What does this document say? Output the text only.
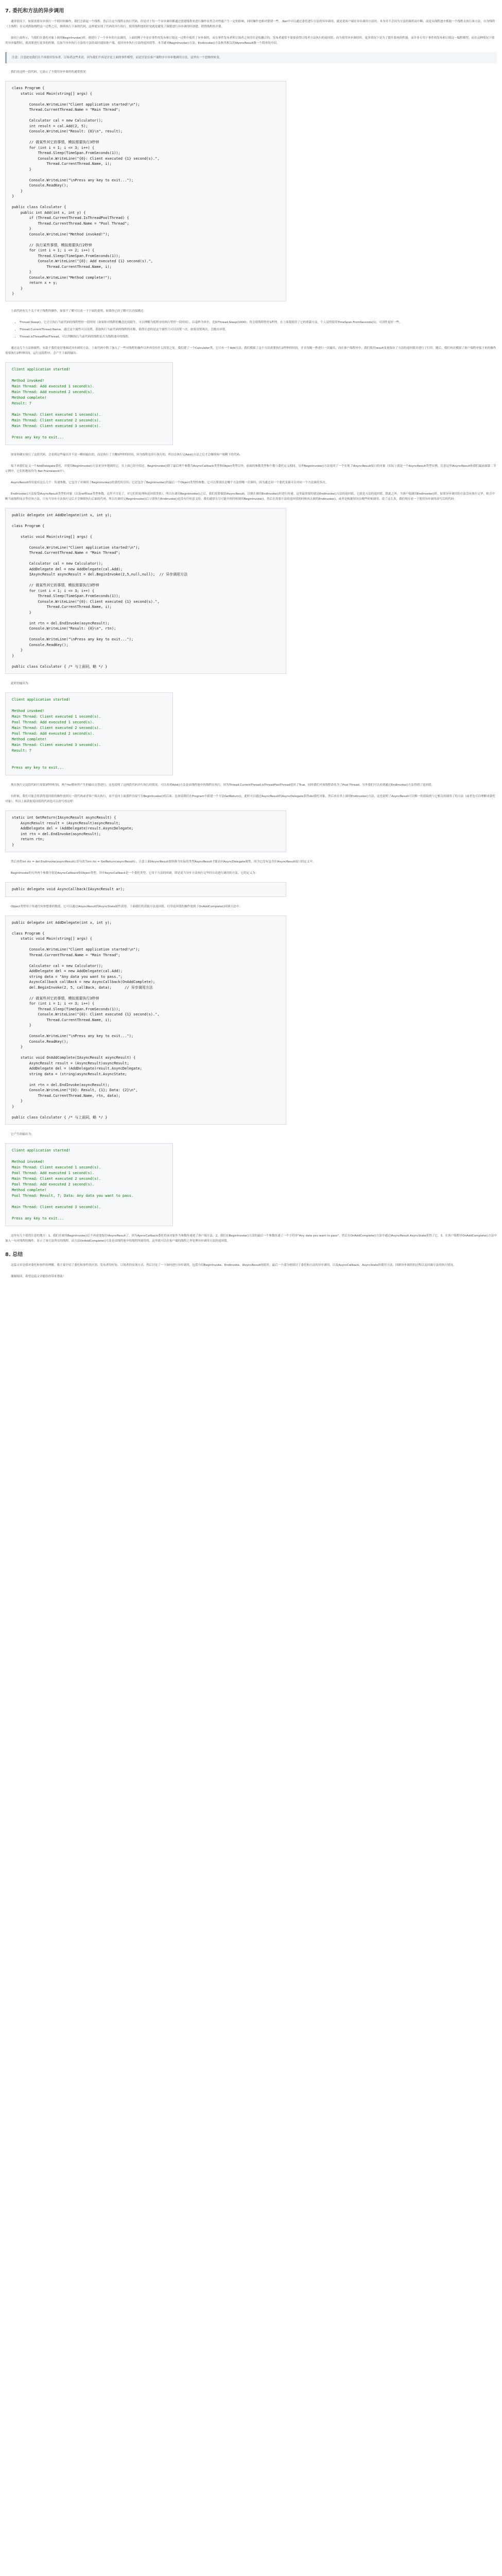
7. 委托和方法的异步调用

通常情况下，如果需要异步执行一个耗时的操作，我们会新起一个线程，然后让这个线程去执行代码。但是对于每一个异步调用都通过创建线程来进行操作显然会对性能产生一定的影响，同时操作也相对繁琐一些。.Net中可以通过委托进行方法的异步调用，就是说客户端在异步调用方法时，本身并不会因为方法的调用而中断，而是从线程池中抓取一个线程去执行该方法，自身线程（主线程）在完成抓取线程这一过程之后，继续执行下面的代码，这样就实现了代码的并行执行。使用线程池的好处就是避免了频繁进行异步调用时创建、销毁线程的开销。

如同上面所示，当我们在委托对象上调用BeginInvoke()时，便进行了一个异步的方法调用。上面的例子中是在事件的发布和订阅这一过程中使用了异步调用，而在事件发布者和订阅者之间往往是松耦合的，发布者通常不需要获得订阅者方法执行的返回值；而当使用异步调用时，更多情况下是为了提升系统的性能，而并非专用于事件的发布和订阅这一编程模型。而在这种情况下使用异步编程时，就需要进行更多的控制，比如当异步执行方法的方法结束时通知客户端、返回异步执行方法的返回值等。本节就对BeginInvoke()方法、EndInvoke()方法和其相关的IAysncResult做一个简单的介绍。

注意：注意此处我们在不再使用发布者、订阅者这些术语，因为我们不再是讨论上面的事件模型，而是讨论在客户端程序中异步地调用方法，这里有一个思维的转变。

我们看这样一段代码，它演示了不使用异步调用的通常情况：

class Program {
static void Main(string[] args) {

Console.WriteLine("Client application started!\n");
Thread.CurrentThread.Name = "Main Thread";

Calculator cal = new Calculator();
int result = cal.Add(2, 5);
Console.WriteLine("Result: {0}\n", result);

// 做某些其它的事情，模拟需要执行3秒钟
for (int i = 1; i <= 3; i++) {
Thread.Sleep(TimeSpan.FromSeconds(1));
Console.WriteLine("{0}: Client executed {1} second(s).",
Thread.CurrentThread.Name, i);
}

Console.WriteLine("\nPress any key to exit...");
Console.ReadKey();
}
}

public class Calculator {
public int Add(int x, int y) {
if (Thread.CurrentThread.IsThreadPoolThread) {
Thread.CurrentThread.Name = "Pool Thread";
}
Console.WriteLine("Method invoked!");

// 执行某些事情，模拟需要执行2秒钟
for (int i = 1; i <= 2; i++) {
Thread.Sleep(TimeSpan.FromSeconds(1));
Console.WriteLine("{0}: Add executed {1} second(s).",
Thread.CurrentThread.Name, i);
}
Console.WriteLine("Method complete!");
return x + y;
}
}

上面代码有几个关于对于线程的操作，如果不了解可以看一下下面的说明，如果你已经了解可以直接跳过：

• Thread.Sleep()，它会让执行当前代码的线程暂停一段时间（如果你对线程的概念比较陌生，可以理解为使程序的执行暂停一段时间），以毫秒为单位，比如Thread.Sleep(1000)；将会使线程暂停1秒钟。在上面我使用了它的重载方法，个人觉得使用TimeSpan.FromSeconds(1)，可读性更好一些。
• Thread.CurrentThread.Name，通过这个属性可以设置、获取执行当前代码的线程的名称，值得注意的是这个属性只可以设置一次，如果设置两次，会抛出异常。
• Thread.IsThreadPoolThread，可以判断执行当前代码的线程是否为线程池中的线程。

通过这几个方法和属性，有助于我们更好地调试异步调用方法。上面代码中除了加入了一些对线程的操作以外再没有什么特别之处。我们建了一个Calculator类，它只有一个Add方法，我们模拟了这个方法需要执行2秒钟的时间，并且每隔一秒进行一次输出。而在客户端程序中，我们使用result变量保存了方法的返回值并进行了打印。随后，我们再次模拟了客户端程序接下来的操作需要执行2秒钟时间。运行这段程序，会产生下面的输出：

Client application started!

Method invoked!
Main Thread: Add executed 1 second(s).
Main Thread: Add executed 2 second(s).
Method complete!
Result: 7

Main Thread: Client executed 1 second(s).
Main Thread: Client executed 2 second(s).
Main Thread: Client executed 3 second(s).

Press any key to exit...

如果你确实执行了这段代码，会看到这些输出并不是一瞬间输出的，而是执行了大概5秒钟的时间，因为线程是串行执行的，所以在执行完Add()方法之后才会继续客户端剩下的代码。

接下来我们定义一个AddDelegate委托，并使用BeginInvoke()方法来异步地调用它。在上面已经介绍过，BeginInvoke()除了最后两个参数为AsyncCallback类型和Object类型以外，前面的参数类型和个数与委托定义相同。另外BeginInvoke()方法返回了一个实现了IAsyncResult接口的对象（实际上就是一个AsyncResult类型实例，注意这里IAsyncResult和我们最前面第二节示例中，它们的地址均为 Net Framework中）。

AsyncResult的用途有这么几个：传递参数，它包含了对调用了BeginInvoke()的委托的引用；它还包含了BeginInvoke()的最后一个Object类型的参数；它可以鉴别出是哪个方法的哪一次调用，因为通过同一个委托变量可以对同一个方法调用多次。

EndInvoke()方法接受IAsyncResult类型的对象（以及ref和out类型参数，这里不讨论了，对它们的处理和返回值类似），所以在调用BeginInvoke()之后，我们需要保留IAsyncResult，以便在调用EndInvoke()时进行传递。这里最重要的就是EndInvoke()方法的返回值，它就是方法的返回值。除此之外，当客户端调用EndInvoke()时，如果异步调用的方法没有执行完毕，则会中断当前线程而去等待该方法，只有当异步方法执行完后才会继续执行后面的代码。所以在调用完BeginInvoke()后立即执行EndInvoke()是没有任何意义的。我们通常在尽可能早的时候调用BeginInvoke()，然后在需要方法的返回值的时候再去调用EndInvoke()，或者是根据情况在晚些时候调用。说了这么多，我们现在看一下使用异步调用改写后的代码：

public delegate int AddDelegate(int x, int y);

class Program {

static void Main(string[] args) {

Console.WriteLine("Client application started!\n");
Thread.CurrentThread.Name = "Main Thread";

Calculator cal = new Calculator();
AddDelegate del = new AddDelegate(cal.Add);
IAsyncResult asyncResult = del.BeginInvoke(2,5,null,null);  // 异步调用方法

// 做某些其它的事情，模拟需要执行3秒钟
for (int i = 1; i <= 3; i++) {
Thread.Sleep(TimeSpan.FromSeconds(1));
Console.WriteLine("{0}: Client executed {1} second(s).",
Thread.CurrentThread.Name, i);
}

int rtn = del.EndInvoke(asyncResult);
Console.WriteLine("Result: {0}\n", rtn);

Console.WriteLine("\nPress any key to exit...");
Console.ReadKey();
}
}

public class Calculator { /* 与上面同，略 */ }

此时的输出为：

Client application started!

Method invoked!
Main Thread: Client executed 1 second(s).
Pool Thread: Add executed 1 second(s).
Main Thread: Client executed 2 second(s).
Pool Thread: Add executed 2 second(s).
Method complete!
Main Thread: Client executed 3 second(s).
Result: 7

Press any key to exit...

现在执行完这段代码只需要3秒钟时间，两个for循环所产生的输出交替进行，这也说明了这两段代码并行执行的情况。可以看到Add()方法是由线程池中的线程在执行，因为Thread.CurrentThread.IsThreadPoolThread返回了True，同时我们对该线程命名为了Pool Thread。另外我们可以看到通过EndInvoke()方法得到了返回值。

有时候，我们可能会将获得返回值的操作放到另一段代码或者客户端去执行，而不是向上面那样直接写在BeginInvoke()的后面。比如说我们在Program中新建一个方法GetReturn()，此时可以通过AsyncResult的AsyncDelegate获得del委托对象，然后再在其上调用EndInvoke()方法，这也说明了AsyncResult可以唯一的获取到与它相关的调用了的方法（或者也可以理解成委托对象）。所以上面获取返回值的代码也可以改写成这样：

static int GetReturn(IAsyncResult asyncResult) {
AsyncResult result = (AsyncResult)asyncResult;
AddDelegate del = (AddDelegate)result.AsyncDelegate;
int rtn = del.EndInvoke(asyncResult);
return rtn;
}

然后再将int rtn = del.EndInvoke(asyncResult);语句改为int rtn = GetReturn(asyncResult);。注意上面IAsyncResult要转换为实际的类型AsyncResult才能访问AsyncDelegate属性，因为它没有包含在IAsyncResult接口的定义中。

BeginInvoke的另外两个参数分别是AsyncCallback和Object类型，其中AsyncCallback是一个委托类型，它用于方法的回调，即是说当异步方法执行完毕时自动进行调用的方法。它的定义为：

public delegate void AsyncCallback(IAsyncResult ar);

Object类型用于传递任何你想要的数值，它可以通过IAsyncResult的AsyncState属性获得。下面我们将获取方法返回值、打印返回值的操作放到了OnAddComplete()回调方法中：

public delegate int AddDelegate(int x, int y);

class Program {
static void Main(string[] args) {

Console.WriteLine("Client application started!\n");
Thread.CurrentThread.Name = "Main Thread";

Calculator cal = new Calculator();
AddDelegate del = new AddDelegate(cal.Add);
string data = "Any data you want to pass.";
AsyncCallback callBack = new AsyncCallback(OnAddComplete);
del.BeginInvoke(2, 5, callBack, data);      // 异步调用方法

// 做某些其它的事情，模拟需要执行3秒钟
for (int i = 1; i <= 3; i++) {
Thread.Sleep(TimeSpan.FromSeconds(1));
Console.WriteLine("{0}: Client executed {1} second(s).",
Thread.CurrentThread.Name, i);
}

Console.WriteLine("\nPress any key to exit...");
Console.ReadKey();
}

static void OnAddComplete(IAsyncResult asyncResult) {
AsyncResult result = (AsyncResult)asyncResult;
AddDelegate del = (AddDelegate)result.AsyncDelegate;
string data = (string)asyncResult.AsyncState;

int rtn = del.EndInvoke(asyncResult);
Console.WriteLine("{0}: Result, {1}; Data: {2}\n",
Thread.CurrentThread.Name, rtn, data);
}
}

public class Calculator { /* 与上面同，略 */ }

它产生的输出为：

Client application started!

Method invoked!
Main Thread: Client executed 1 second(s).
Pool Thread: Add executed 1 second(s).
Main Thread: Client executed 2 second(s).
Pool Thread: Add executed 2 second(s).
Method complete!
Pool Thread: Result, 7; Data: Any data you want to pass.

Main Thread: Client executed 3 second(s).

Press any key to exit...

这里有几个值得注意的地方：1、我们在调用BeginInvoke()后不再需要保存IAsyncResult了，因为AysncCallback委托将该对象作为参数传递进了客户端方法。2、我们在BeginInvoke()方法的最后一个参数传递了一个字符串"Any data you want to pass"，然后在OnAddComplete()方法中通过IAsyncResult.AsyncState获得了它。3、在客户端程序OnAddComplete()方法中加入一句对线程的操作，显示了该方法所在的线程，而方法OnAddComplete()方法是由线程池中的线程所调用的，这里就可以在客户端的线程之外处理异步调用方法的返回值。

8. 总结

这篇文章是我对委托和事件的理解，我主要介绍了委托和事件的区别、发布者的好处、订阅者的实现方式；然后讨论了一下如何进行异步调用，包括介绍BeginInvoke、EndInvoke、IAsyncResult的使用；最后一个部分则探讨了委托和方法的异步调用，以及AsyncCallback、AsyncState的使用方法，回顾异步调用的过程以及回调方法的执行情况。

谢谢阅读，希望这篇文章能给你带来帮助！
